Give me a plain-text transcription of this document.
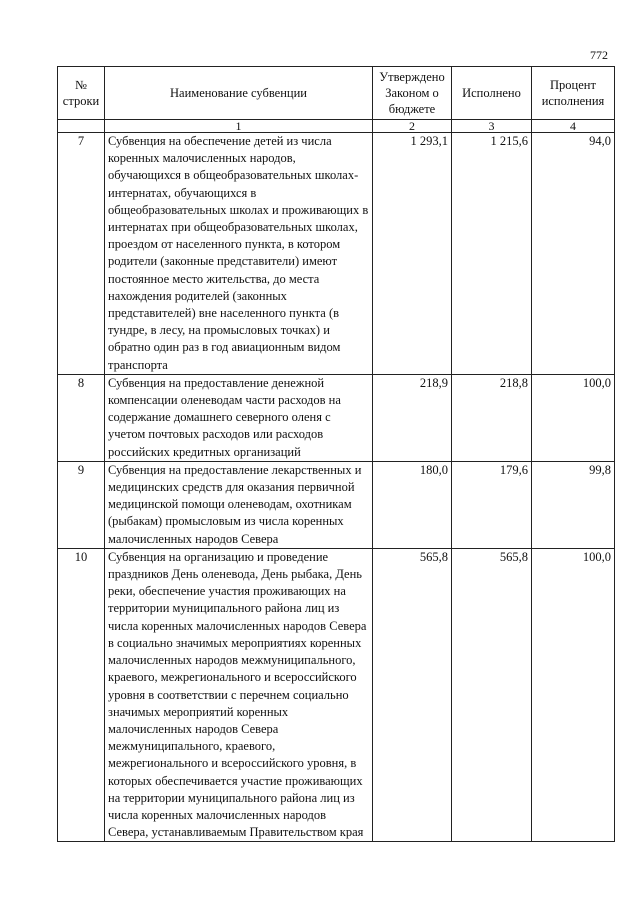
772
№ строки	Наименование субвенции	Утверждено Законом о бюджете	Исполнено	Процент исполнения
	1	2	3	4
7	Субвенция на обеспечение детей из числа коренных малочисленных народов, обучающихся в общеобразовательных школах-интернатах, обучающихся в общеобразовательных школах и проживающих в интернатах при общеобразовательных школах, проездом от населенного пункта, в котором родители (законные представители) имеют постоянное место жительства, до места нахождения родителей (законных представителей) вне населенного пункта (в тундре, в лесу, на промысловых точках) и обратно один раз в год авиационным видом транспорта	1 293,1	1 215,6	94,0
8	Субвенция на предоставление денежной компенсации оленеводам части расходов на содержание домашнего северного оленя с учетом почтовых расходов или расходов российских кредитных организаций	218,9	218,8	100,0
9	Субвенция на предоставление лекарственных и медицинских средств для оказания первичной медицинской помощи оленеводам, охотникам (рыбакам) промысловым из числа коренных малочисленных народов Севера	180,0	179,6	99,8
10	Субвенция на организацию и проведение праздников День оленевода, День рыбака, День реки, обеспечение участия проживающих на территории муниципального района лиц из числа коренных малочисленных народов Севера в социально значимых мероприятиях коренных малочисленных народов межмуниципального, краевого, межрегионального и всероссийского уровня в соответствии с перечнем социально значимых мероприятий коренных малочисленных народов Севера межмуниципального, краевого, межрегионального и всероссийского уровня, в которых обеспечивается участие проживающих на территории муниципального района лиц из числа коренных малочисленных народов Севера, устанавливаемым Правительством края	565,8	565,8	100,0
